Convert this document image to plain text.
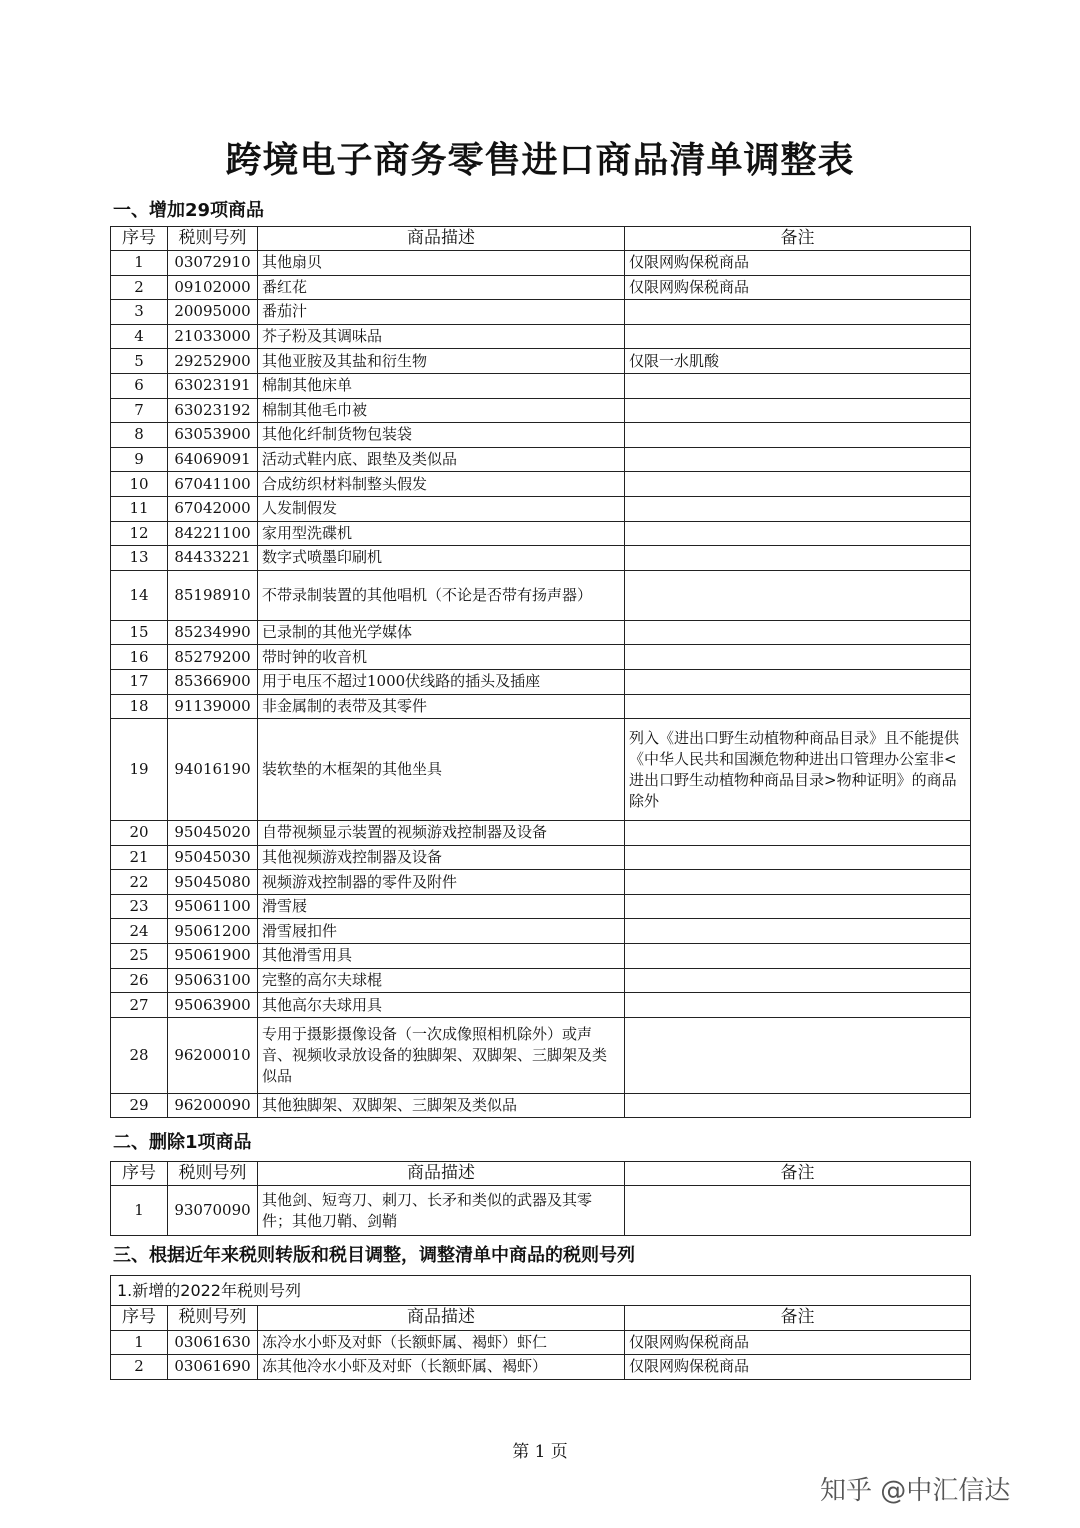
跨境电子商务零售进口商品清单调整表
一、增加29项商品
序号	税则号列	商品描述	备注
1	03072910	其他扇贝	仅限网购保税商品
2	09102000	番红花	仅限网购保税商品
3	20095000	番茄汁	
4	21033000	芥子粉及其调味品	
5	29252900	其他亚胺及其盐和衍生物	仅限一水肌酸
6	63023191	棉制其他床单	
7	63023192	棉制其他毛巾被	
8	63053900	其他化纤制货物包装袋	
9	64069091	活动式鞋内底、跟垫及类似品	
10	67041100	合成纺织材料制整头假发	
11	67042000	人发制假发	
12	84221100	家用型洗碟机	
13	84433221	数字式喷墨印刷机	
14	85198910	不带录制装置的其他唱机（不论是否带有扬声器）	
15	85234990	已录制的其他光学媒体	
16	85279200	带时钟的收音机	
17	85366900	用于电压不超过1000伏线路的插头及插座	
18	91139000	非金属制的表带及其零件	
19	94016190	装软垫的木框架的其他坐具	列入《进出口野生动植物种商品目录》且不能提供《中华人民共和国濒危物种进出口管理办公室非<进出口野生动植物种商品目录>物种证明》的商品除外
20	95045020	自带视频显示装置的视频游戏控制器及设备	
21	95045030	其他视频游戏控制器及设备	
22	95045080	视频游戏控制器的零件及附件	
23	95061100	滑雪屐	
24	95061200	滑雪屐扣件	
25	95061900	其他滑雪用具	
26	95063100	完整的高尔夫球棍	
27	95063900	其他高尔夫球用具	
28	96200010	专用于摄影摄像设备（一次成像照相机除外）或声音、视频收录放设备的独脚架、双脚架、三脚架及类似品	
29	96200090	其他独脚架、双脚架、三脚架及类似品	
二、删除1项商品
序号	税则号列	商品描述	备注
1	93070090	其他剑、短弯刀、刺刀、长矛和类似的武器及其零件；其他刀鞘、剑鞘	
三、根据近年来税则转版和税目调整，调整清单中商品的税则号列
1.新增的2022年税则号列			
序号	税则号列	商品描述	备注
1	03061630	冻冷水小虾及对虾（长额虾属、褐虾）虾仁	仅限网购保税商品
2	03061690	冻其他冷水小虾及对虾（长额虾属、褐虾）	仅限网购保税商品
第 1 页
知乎 @中汇信达
